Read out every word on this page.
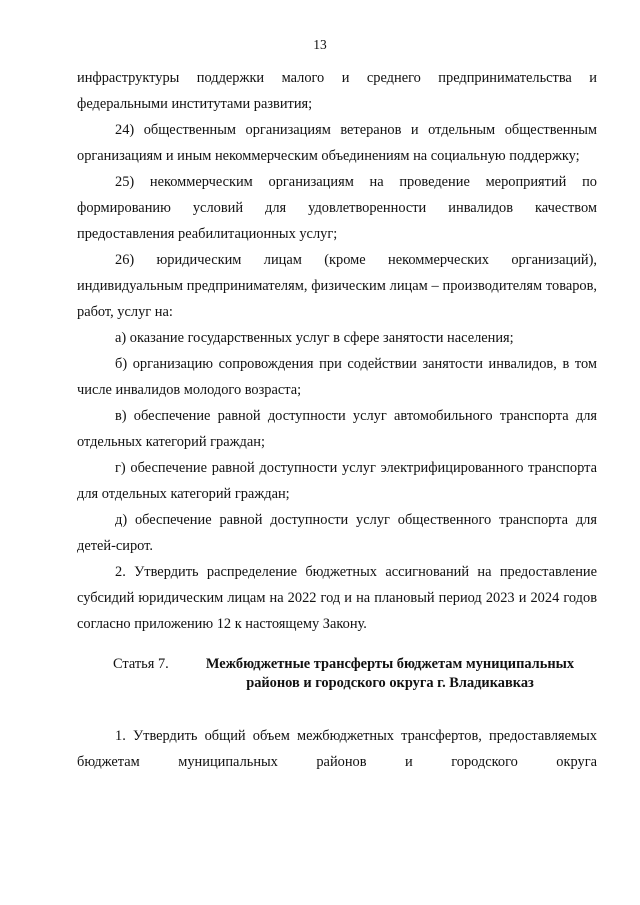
13

инфраструктуры поддержки малого и среднего предпринимательства и федеральными институтами развития;

24) общественным организациям ветеранов и отдельным общественным организациям и иным некоммерческим объединениям на социальную поддержку;

25) некоммерческим организациям на проведение мероприятий по формированию условий для удовлетворенности инвалидов качеством предоставления реабилитационных услуг;

26) юридическим лицам (кроме некоммерческих организаций), индивидуальным предпринимателям, физическим лицам – производителям товаров, работ, услуг на:

а) оказание государственных услуг в сфере занятости населения;

б) организацию сопровождения при содействии занятости инвалидов, в том числе инвалидов молодого возраста;

в) обеспечение равной доступности услуг автомобильного транспорта для отдельных категорий граждан;

г) обеспечение равной доступности услуг электрифицированного транспорта для отдельных категорий граждан;

д) обеспечение равной доступности услуг общественного транспорта для детей-сирот.

2. Утвердить распределение бюджетных ассигнований на предоставление субсидий юридическим лицам на 2022 год и на плановый период 2023 и 2024 годов согласно приложению 12 к настоящему Закону.

Статья 7.	Межбюджетные трансферты бюджетам муниципальных
районов и городского округа г. Владикавказ

1. Утвердить общий объем межбюджетных трансфертов, предоставляемых бюджетам муниципальных районов и городского округа
